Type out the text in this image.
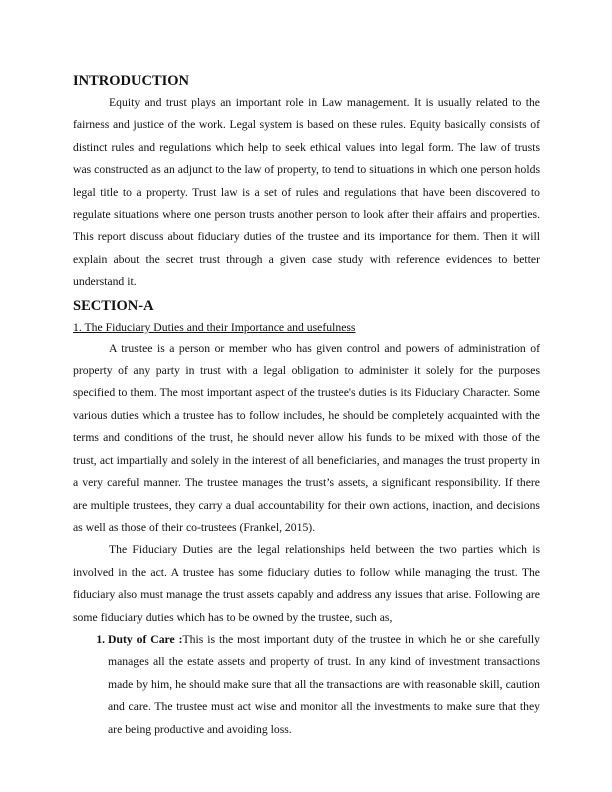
INTRODUCTION

Equity and trust plays an important role in Law management. It is usually related to the fairness and justice of the work. Legal system is based on these rules. Equity basically consists of distinct rules and regulations which help to seek ethical values into legal form. The law of trusts was constructed as an adjunct to the law of property, to tend to situations in which one person holds legal title to a property. Trust law is a set of rules and regulations that have been discovered to regulate situations where one person trusts another person to look after their affairs and properties. This report discuss about fiduciary duties of the trustee and its importance for them. Then it will explain about the secret trust through a given case study with reference evidences to better understand it.

SECTION-A
1. The Fiduciary Duties and their Importance and usefulness

A trustee is a person or member who has given control and powers of administration of property of any party in trust with a legal obligation to administer it solely for the purposes specified to them. The most important aspect of the trustee's duties is its Fiduciary Character. Some various duties which a trustee has to follow includes, he should be completely acquainted with the terms and conditions of the trust, he should never allow his funds to be mixed with those of the trust, act impartially and solely in the interest of all beneficiaries, and manages the trust property in a very careful manner. The trustee manages the trust’s assets, a significant responsibility. If there are multiple trustees, they carry a dual accountability for their own actions, inaction, and decisions as well as those of their co-trustees (Frankel, 2015).

The Fiduciary Duties are the legal relationships held between the two parties which is involved in the act. A trustee has some fiduciary duties to follow while managing the trust. The fiduciary also must manage the trust assets capably and address any issues that arise. Following are some fiduciary duties which has to be owned by the trustee, such as,

1. Duty of Care :This is the most important duty of the trustee in which he or she carefully manages all the estate assets and property of trust. In any kind of investment transactions made by him, he should make sure that all the transactions are with reasonable skill, caution and care. The trustee must act wise and monitor all the investments to make sure that they are being productive and avoiding loss.
